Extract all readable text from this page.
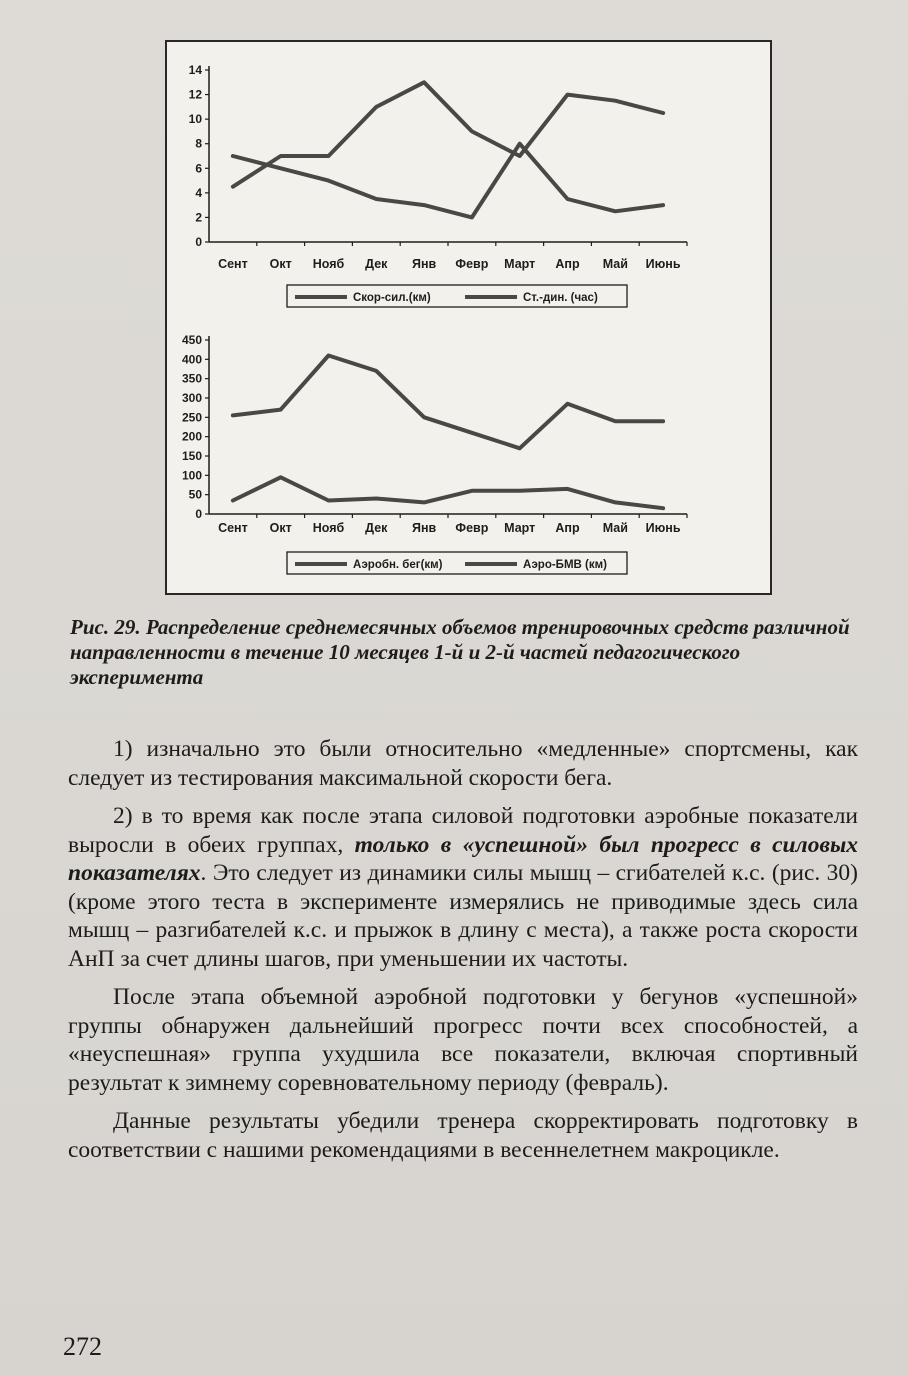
0
2
4
6
8
10
12
14
Сент Окт Нояб Дек Янв Февр Март Апр Май Июнь
Скор-сил.(км)	Ст.-дин. (час)
0
50
100
150
200
250
300
350
400
450
Сент Окт Нояб Дек Янв Февр Март Апр Май Июнь
Аэробн. бег(км)	Аэро-БМВ (км)
Рис. 29. Распределение среднемесячных объемов тренировочных средств различной направленности в течение 10 месяцев 1-й и 2-й частей педагогического эксперимента

1) изначально это были относительно «медленные» спортсмены, как следует из тестирования максимальной скорости бега.

2) в то время как после этапа силовой подготовки аэробные показатели выросли в обеих группах, только в «успешной» был прогресс в силовых показателях. Это следует из динамики силы мышц – сгибателей к.с. (рис. 30) (кроме этого теста в эксперименте измерялись не приводимые здесь сила мышц – разгибателей к.с. и прыжок в длину с места), а также роста скорости АнП за счет длины шагов, при уменьшении их частоты.

После этапа объемной аэробной подготовки у бегунов «успешной» группы обнаружен дальнейший прогресс почти всех способностей, а «неуспешная» группа ухудшила все показатели, включая спортивный результат к зимнему соревновательному периоду (февраль).

Данные результаты убедили тренера скорректировать подготовку в соответствии с нашими рекомендациями в весеннелетнем макроцикле.

272
